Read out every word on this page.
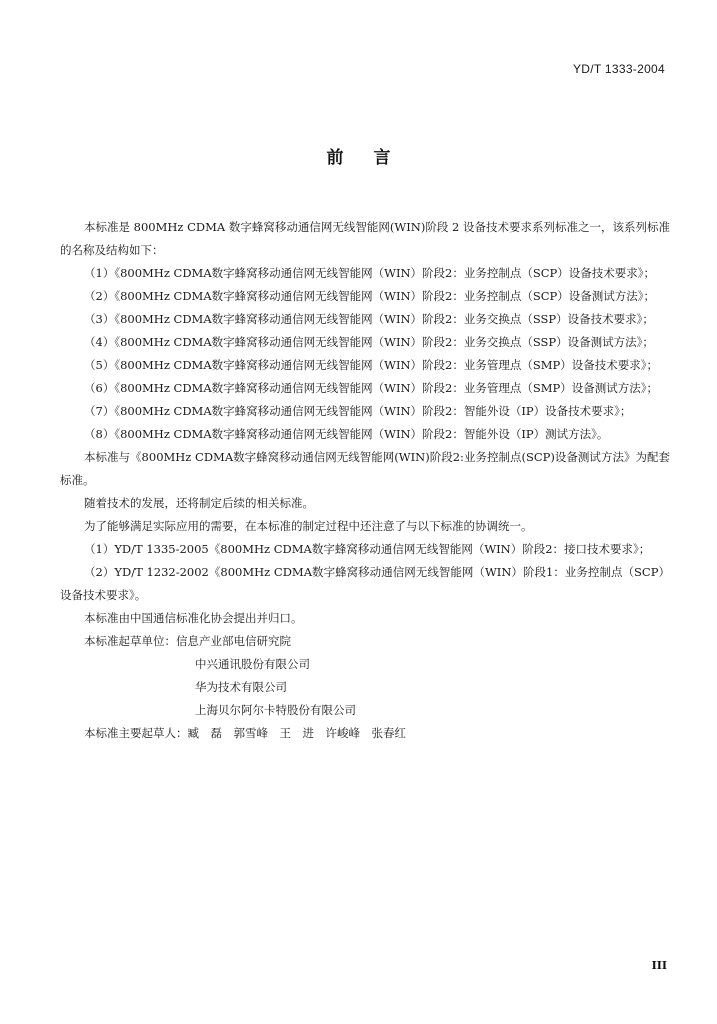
YD/T 1333-2004
前言

本标准是 800MHz CDMA 数字蜂窝移动通信网无线智能网(WIN)阶段 2 设备技术要求系列标准之一，该系列标准的名称及结构如下：

（1）《800MHz CDMA数字蜂窝移动通信网无线智能网（WIN）阶段2：业务控制点（SCP）设备技术要求》；

（2）《800MHz CDMA数字蜂窝移动通信网无线智能网（WIN）阶段2：业务控制点（SCP）设备测试方法》；

（3）《800MHz CDMA数字蜂窝移动通信网无线智能网（WIN）阶段2：业务交换点（SSP）设备技术要求》；

（4）《800MHz CDMA数字蜂窝移动通信网无线智能网（WIN）阶段2：业务交换点（SSP）设备测试方法》；

（5）《800MHz CDMA数字蜂窝移动通信网无线智能网（WIN）阶段2：业务管理点（SMP）设备技术要求》；

（6）《800MHz CDMA数字蜂窝移动通信网无线智能网（WIN）阶段2：业务管理点（SMP）设备测试方法》；

（7）《800MHz CDMA数字蜂窝移动通信网无线智能网（WIN）阶段2：智能外设（IP）设备技术要求》；

（8）《800MHz CDMA数字蜂窝移动通信网无线智能网（WIN）阶段2：智能外设（IP）测试方法》。

本标准与《800MHz CDMA数字蜂窝移动通信网无线智能网(WIN)阶段2:业务控制点(SCP)设备测试方法》为配套标准。

随着技术的发展，还将制定后续的相关标准。

为了能够满足实际应用的需要，在本标准的制定过程中还注意了与以下标准的协调统一。

（1）YD/T 1335-2005《800MHz CDMA数字蜂窝移动通信网无线智能网（WIN）阶段2：接口技术要求》；

（2）YD/T 1232-2002《800MHz CDMA数字蜂窝移动通信网无线智能网（WIN）阶段1：业务控制点（SCP）设备技术要求》。

本标准由中国通信标准化协会提出并归口。

本标准起草单位：信息产业部电信研究院

中兴通讯股份有限公司

华为技术有限公司

上海贝尔阿尔卡特股份有限公司

本标准主要起草人：臧　磊　郭雪峰　王　进　许峻峰　张春红

III
